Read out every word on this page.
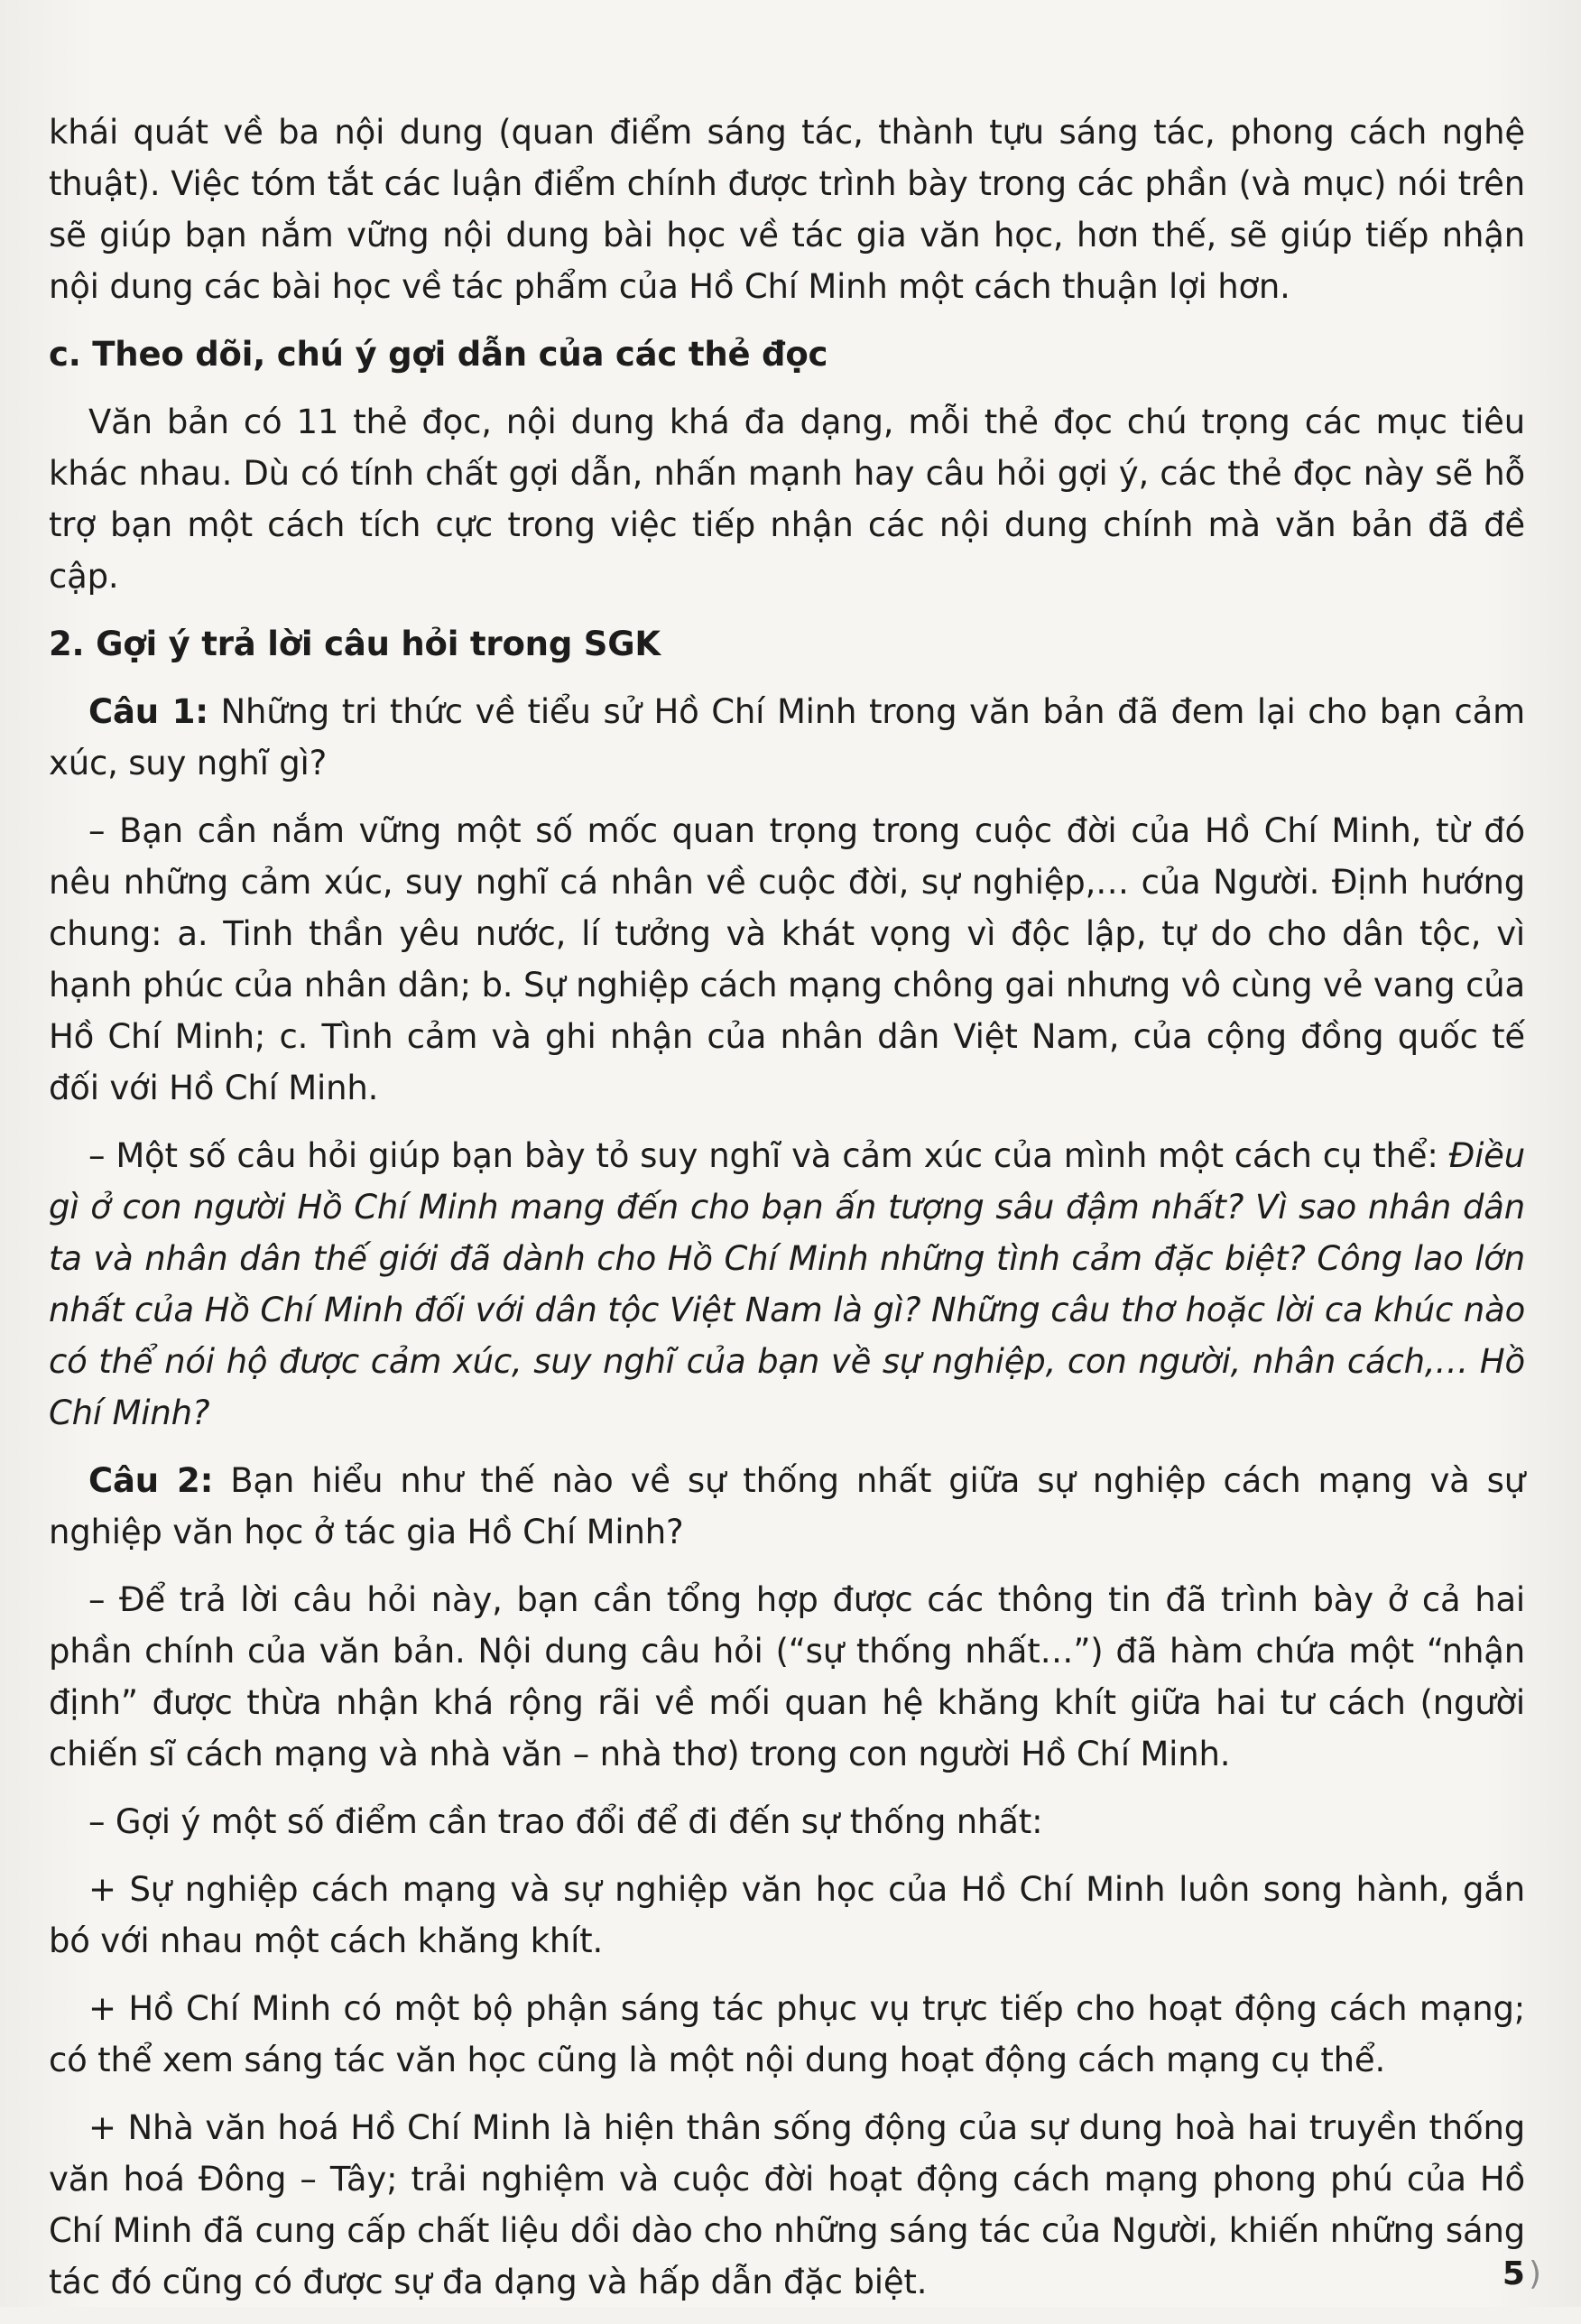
khái quát về ba nội dung (quan điểm sáng tác, thành tựu sáng tác, phong cách nghệ thuật). Việc tóm tắt các luận điểm chính được trình bày trong các phần (và mục) nói trên sẽ giúp bạn nắm vững nội dung bài học về tác gia văn học, hơn thế, sẽ giúp tiếp nhận nội dung các bài học về tác phẩm của Hồ Chí Minh một cách thuận lợi hơn.

c. Theo dõi, chú ý gợi dẫn của các thẻ đọc

Văn bản có 11 thẻ đọc, nội dung khá đa dạng, mỗi thẻ đọc chú trọng các mục tiêu khác nhau. Dù có tính chất gợi dẫn, nhấn mạnh hay câu hỏi gợi ý, các thẻ đọc này sẽ hỗ trợ bạn một cách tích cực trong việc tiếp nhận các nội dung chính mà văn bản đã đề cập.

2. Gợi ý trả lời câu hỏi trong SGK

Câu 1: Những tri thức về tiểu sử Hồ Chí Minh trong văn bản đã đem lại cho bạn cảm xúc, suy nghĩ gì?

– Bạn cần nắm vững một số mốc quan trọng trong cuộc đời của Hồ Chí Minh, từ đó nêu những cảm xúc, suy nghĩ cá nhân về cuộc đời, sự nghiệp,… của Người. Định hướng chung: a. Tinh thần yêu nước, lí tưởng và khát vọng vì độc lập, tự do cho dân tộc, vì hạnh phúc của nhân dân; b. Sự nghiệp cách mạng chông gai nhưng vô cùng vẻ vang của Hồ Chí Minh; c. Tình cảm và ghi nhận của nhân dân Việt Nam, của cộng đồng quốc tế đối với Hồ Chí Minh.

– Một số câu hỏi giúp bạn bày tỏ suy nghĩ và cảm xúc của mình một cách cụ thể: Điều gì ở con người Hồ Chí Minh mang đến cho bạn ấn tượng sâu đậm nhất? Vì sao nhân dân ta và nhân dân thế giới đã dành cho Hồ Chí Minh những tình cảm đặc biệt? Công lao lớn nhất của Hồ Chí Minh đối với dân tộc Việt Nam là gì? Những câu thơ hoặc lời ca khúc nào có thể nói hộ được cảm xúc, suy nghĩ của bạn về sự nghiệp, con người, nhân cách,… Hồ Chí Minh?

Câu 2: Bạn hiểu như thế nào về sự thống nhất giữa sự nghiệp cách mạng và sự nghiệp văn học ở tác gia Hồ Chí Minh?

– Để trả lời câu hỏi này, bạn cần tổng hợp được các thông tin đã trình bày ở cả hai phần chính của văn bản. Nội dung câu hỏi (“sự thống nhất…”) đã hàm chứa một “nhận định” được thừa nhận khá rộng rãi về mối quan hệ khăng khít giữa hai tư cách (người chiến sĩ cách mạng và nhà văn – nhà thơ) trong con người Hồ Chí Minh.

– Gợi ý một số điểm cần trao đổi để đi đến sự thống nhất:

+ Sự nghiệp cách mạng và sự nghiệp văn học của Hồ Chí Minh luôn song hành, gắn bó với nhau một cách khăng khít.

+ Hồ Chí Minh có một bộ phận sáng tác phục vụ trực tiếp cho hoạt động cách mạng; có thể xem sáng tác văn học cũng là một nội dung hoạt động cách mạng cụ thể.

+ Nhà văn hoá Hồ Chí Minh là hiện thân sống động của sự dung hoà hai truyền thống văn hoá Đông – Tây; trải nghiệm và cuộc đời hoạt động cách mạng phong phú của Hồ Chí Minh đã cung cấp chất liệu dồi dào cho những sáng tác của Người, khiến những sáng tác đó cũng có được sự đa dạng và hấp dẫn đặc biệt.	5 )
